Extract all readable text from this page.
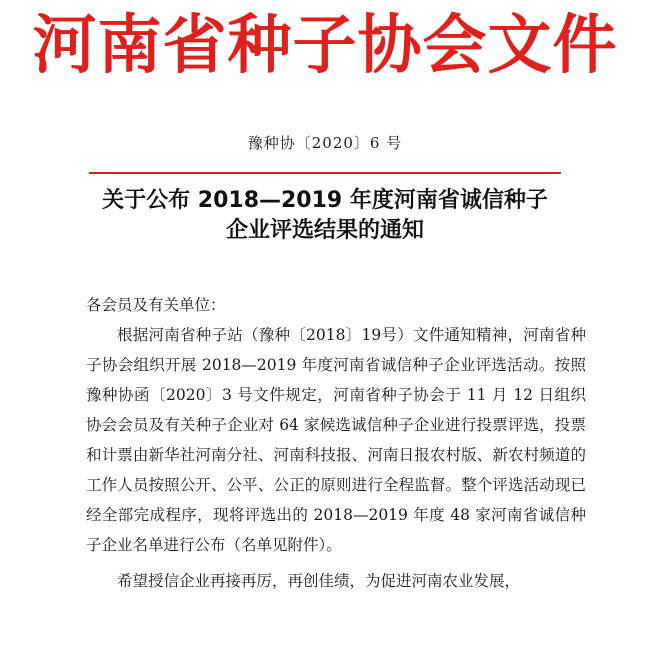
河南省种子协会文件
豫种协〔2020〕6 号
关于公布 2018—2019 年度河南省诚信种子
企业评选结果的通知
各会员及有关单位：

根据河南省种子站（豫种〔2018〕19号）文件通知精神，河南省种子协会组织开展 2018—2019 年度河南省诚信种子企业评选活动。按照豫种协函〔2020〕3 号文件规定，河南省种子协会于 11 月 12 日组织协会会员及有关种子企业对 64 家候选诚信种子企业进行投票评选，投票和计票由新华社河南分社、河南科技报、河南日报农村版、新农村频道的工作人员按照公开、公平、公正的原则进行全程监督。整个评选活动现已经全部完成程序，现将评选出的 2018—2019 年度 48 家河南省诚信种子企业名单进行公布（名单见附件）。

希望授信企业再接再厉，再创佳绩，为促进河南农业发展，
